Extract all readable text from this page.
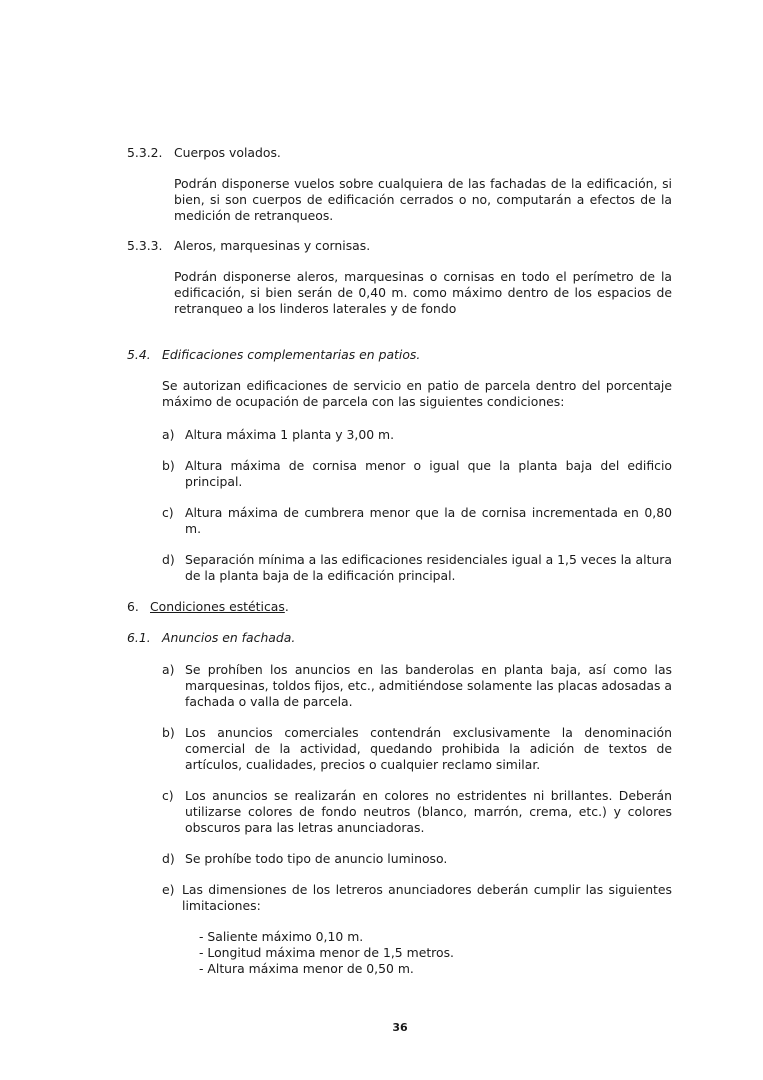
5.3.2. Cuerpos volados.
Podrán disponerse vuelos sobre cualquiera de las fachadas de la edificación, si bien, si son cuerpos de edificación cerrados o no, computarán a efectos de la medición de retranqueos.
5.3.3. Aleros, marquesinas y cornisas.
Podrán disponerse aleros, marquesinas o cornisas en todo el perímetro de la edificación, si bien serán de 0,40 m. como máximo dentro de los espacios de retranqueo a los linderos laterales y de fondo
5.4. Edificaciones complementarias en patios.
Se autorizan edificaciones de servicio en patio de parcela dentro del porcentaje máximo de ocupación de parcela con las siguientes condiciones:
a) Altura máxima 1 planta y 3,00 m.
b) Altura máxima de cornisa menor o igual que la planta baja del edificio principal.
c) Altura máxima de cumbrera menor que la de cornisa incrementada en 0,80 m.
d) Separación mínima a las edificaciones residenciales igual a 1,5 veces la altura de la planta baja de la edificación principal.
6. Condiciones estéticas.
6.1. Anuncios en fachada.
a) Se prohíben los anuncios en las banderolas en planta baja, así como las marquesinas, toldos fijos, etc., admitiéndose solamente las placas adosadas a fachada o valla de parcela.
b) Los anuncios comerciales contendrán exclusivamente la denominación comercial de la actividad, quedando prohibida la adición de textos de artículos, cualidades, precios o cualquier reclamo similar.
c) Los anuncios se realizarán en colores no estridentes ni brillantes. Deberán utilizarse colores de fondo neutros (blanco, marrón, crema, etc.) y colores obscuros para las letras anunciadoras.
d) Se prohíbe todo tipo de anuncio luminoso.
e) Las dimensiones de los letreros anunciadores deberán cumplir las siguientes limitaciones:
- Saliente máximo 0,10 m.
- Longitud máxima menor de 1,5 metros.
- Altura máxima menor de 0,50 m.
36
